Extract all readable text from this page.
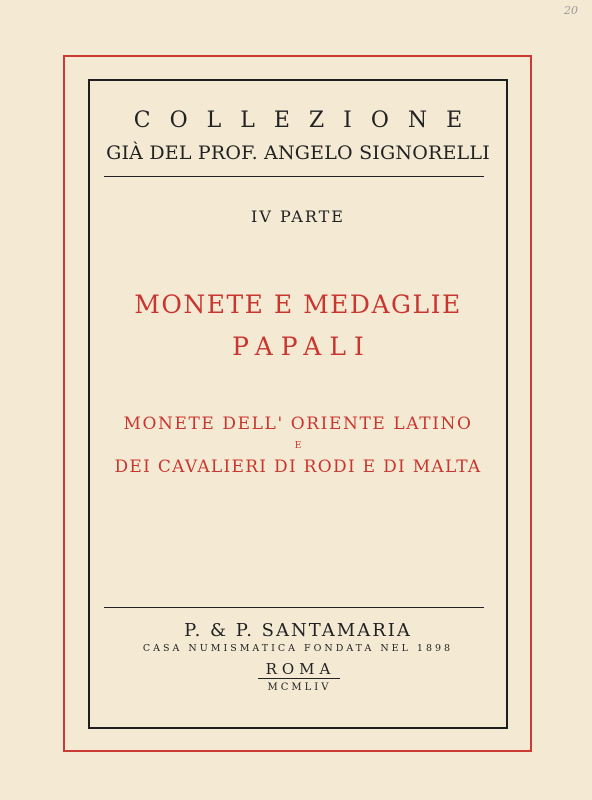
20
COLLEZIONE
GIÀ DEL PROF. ANGELO SIGNORELLI
IV PARTE
MONETE E MEDAGLIE
PAPALI
MONETE DELL' ORIENTE LATINO
E
DEI CAVALIERI DI RODI E DI MALTA
P. & P. SANTAMARIA
CASA NUMISMATICA FONDATA NEL 1898
ROMA
MCMLIV
